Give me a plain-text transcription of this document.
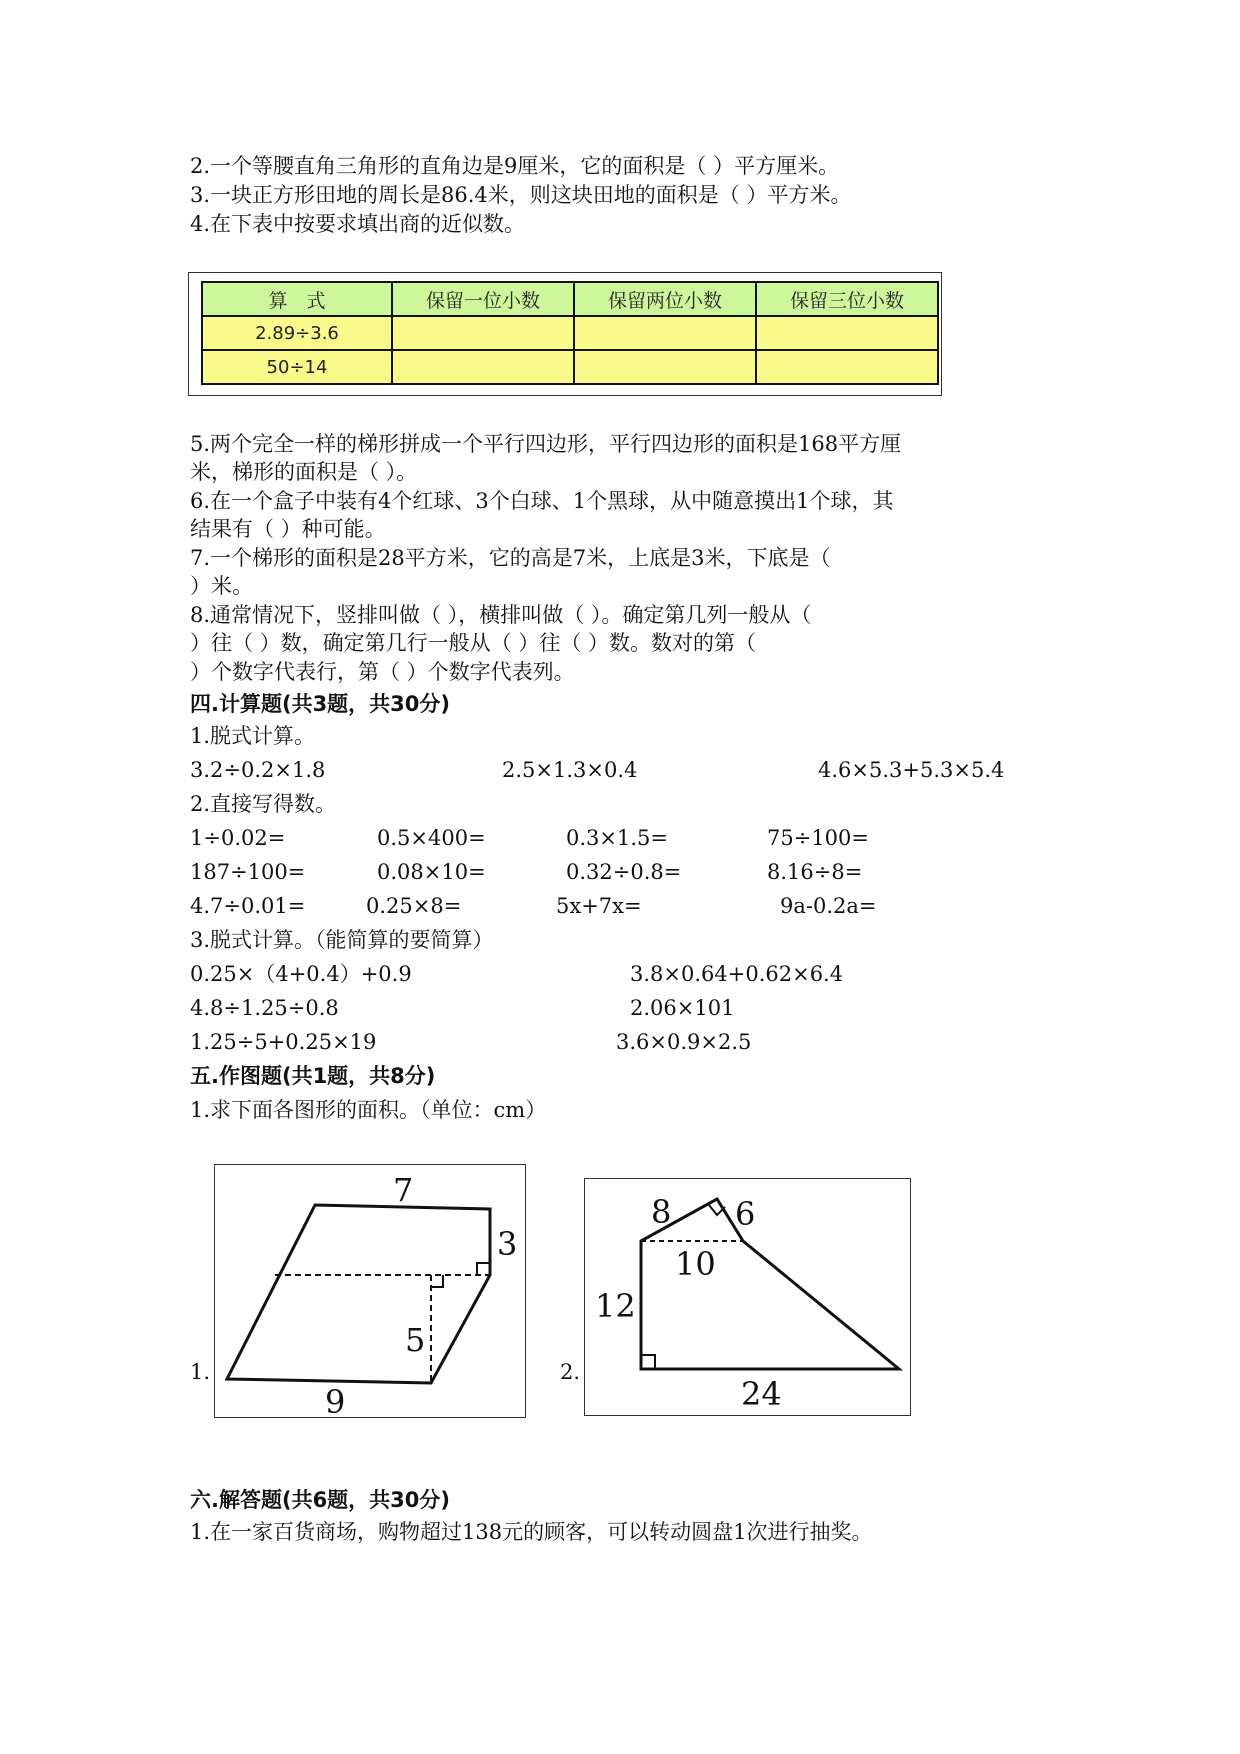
2.一个等腰直角三角形的直角边是9厘米，它的面积是（ ）平方厘米。

3.一块正方形田地的周长是86.4米，则这块田地的面积是（ ）平方米。

4.在下表中按要求填出商的近似数。

算　式	保留一位小数	保留两位小数	保留三位小数
2.89÷3.6			
50÷14			

5.两个完全一样的梯形拼成一个平行四边形，平行四边形的面积是168平方厘

米，梯形的面积是（ ）。

6.在一个盒子中装有4个红球、3个白球、1个黑球，从中随意摸出1个球，其

结果有（ ）种可能。

7.一个梯形的面积是28平方米，它的高是7米，上底是3米，下底是（

）米。

8.通常情况下，竖排叫做（ ），横排叫做（ ）。确定第几列一般从（

）往（ ）数，确定第几行一般从（ ）往（ ）数。数对的第（

）个数字代表行，第（ ）个数字代表列。

四.计算题(共3题，共30分)

1.脱式计算。

3.2÷0.2×1.8	2.5×1.3×0.4	4.6×5.3+5.3×5.4

2.直接写得数。

1÷0.02=	0.5×400=	0.3×1.5=	75÷100=
187÷100=	0.08×10=	0.32÷0.8=	8.16÷8=
4.7÷0.01=	0.25×8=	5x+7x=	9a-0.2a=

3.脱式计算。（能简算的要简算）

0.25×（4+0.4）+0.9	3.8×0.64+0.62×6.4
4.8÷1.25÷0.8	2.06×101
1.25÷5+0.25×19	3.6×0.9×2.5

五.作图题(共1题，共8分)

1.求下面各图形的面积。（单位：cm）

1.
7
3
5
9
2.
8 6
10
12
24

六.解答题(共6题，共30分)

1.在一家百货商场，购物超过138元的顾客，可以转动圆盘1次进行抽奖。
